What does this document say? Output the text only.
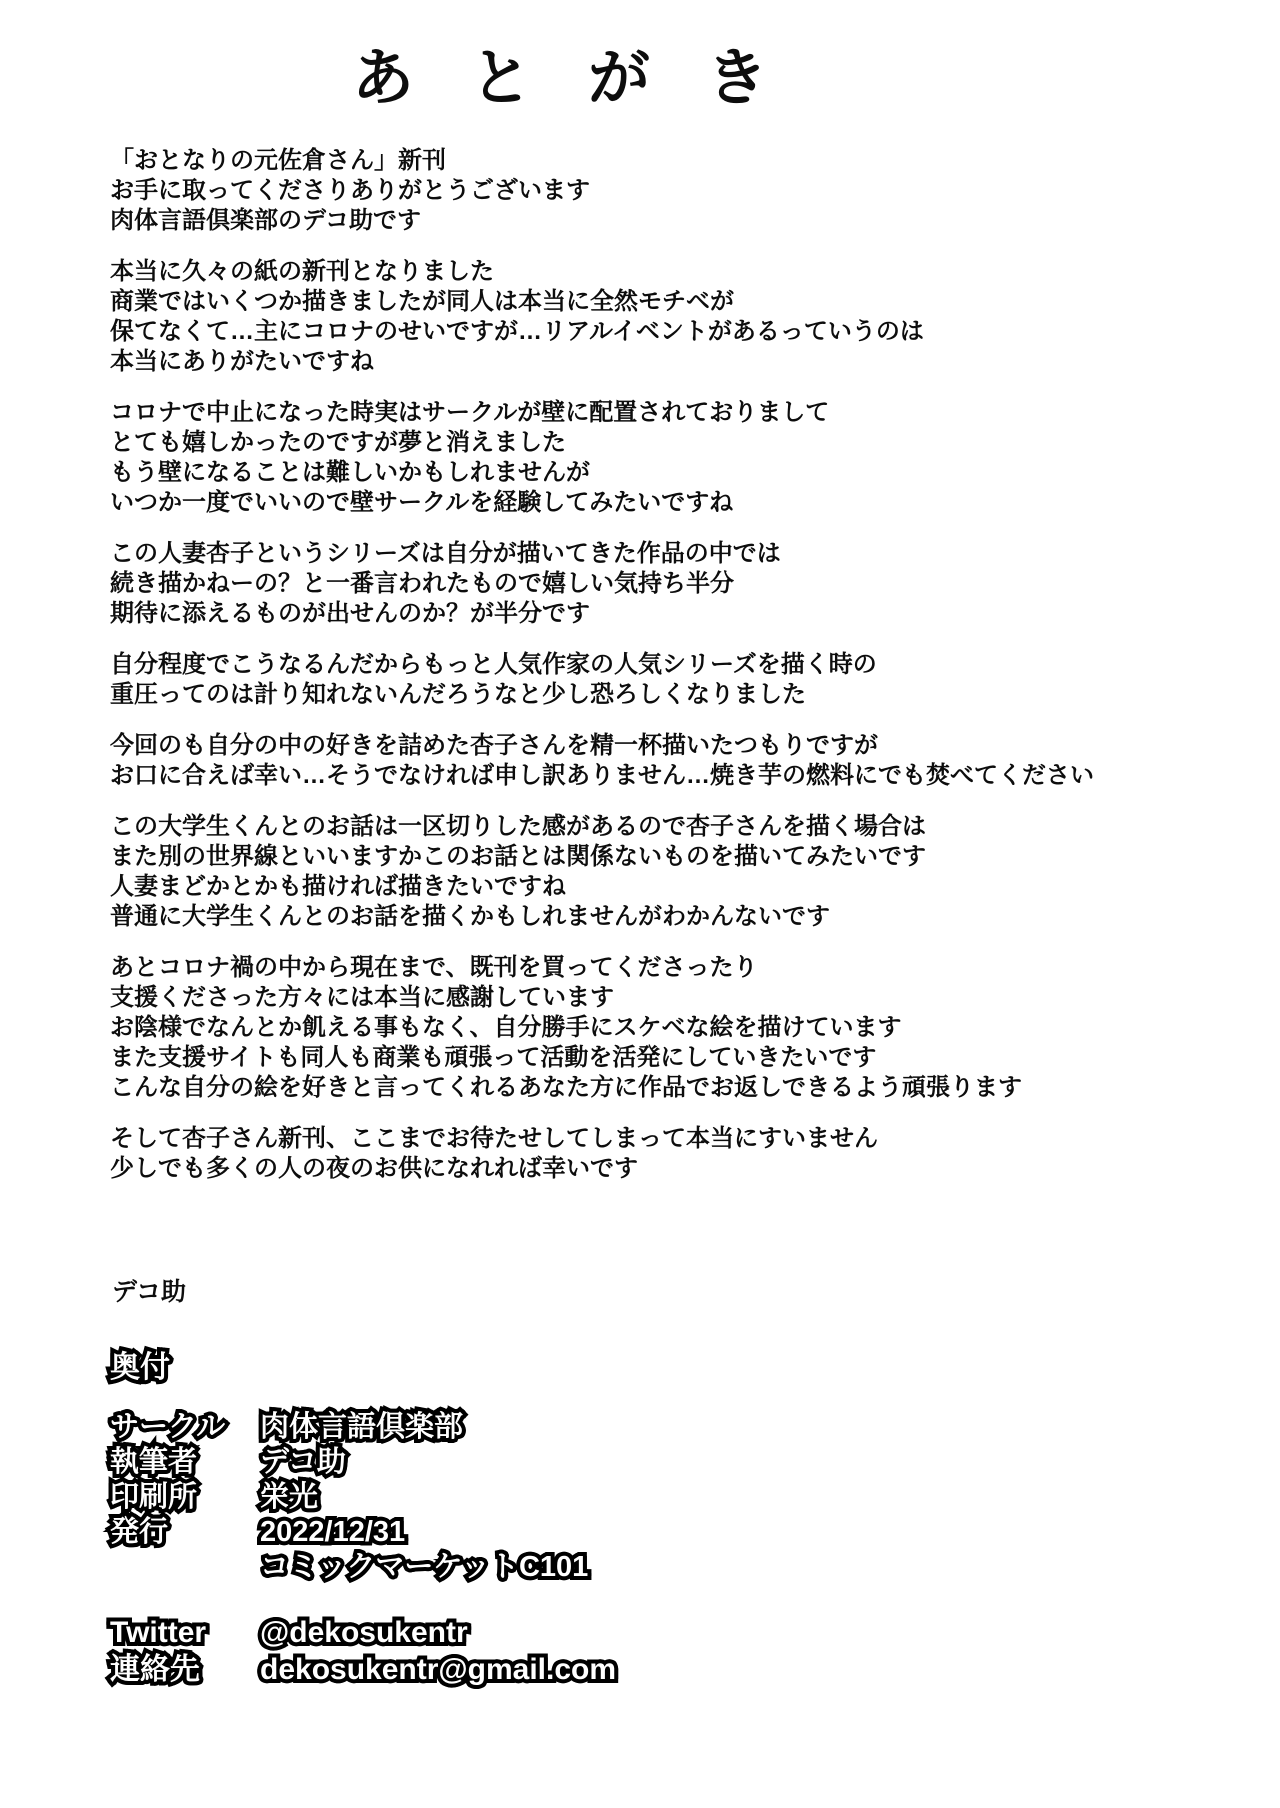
あとがき
「おとなりの元佐倉さん」新刊
お手に取ってくださりありがとうございます
肉体言語倶楽部のデコ助です
本当に久々の紙の新刊となりました
商業ではいくつか描きましたが同人は本当に全然モチベが
保てなくて…主にコロナのせいですが…リアルイベントがあるっていうのは
本当にありがたいですね
コロナで中止になった時実はサークルが壁に配置されておりまして
とても嬉しかったのですが夢と消えました
もう壁になることは難しいかもしれませんが
いつか一度でいいので壁サークルを経験してみたいですね
この人妻杏子というシリーズは自分が描いてきた作品の中では
続き描かねーの？と一番言われたもので嬉しい気持ち半分
期待に添えるものが出せんのか？が半分です
自分程度でこうなるんだからもっと人気作家の人気シリーズを描く時の
重圧ってのは計り知れないんだろうなと少し恐ろしくなりました
今回のも自分の中の好きを詰めた杏子さんを精一杯描いたつもりですが
お口に合えば幸い…そうでなければ申し訳ありません…焼き芋の燃料にでも焚べてください
この大学生くんとのお話は一区切りした感があるので杏子さんを描く場合は
また別の世界線といいますかこのお話とは関係ないものを描いてみたいです
人妻まどかとかも描ければ描きたいですね
普通に大学生くんとのお話を描くかもしれませんがわかんないです
あとコロナ禍の中から現在まで、既刊を買ってくださったり
支援くださった方々には本当に感謝しています
お陰様でなんとか飢える事もなく、自分勝手にスケベな絵を描けています
また支援サイトも同人も商業も頑張って活動を活発にしていきたいです
こんな自分の絵を好きと言ってくれるあなた方に作品でお返しできるよう頑張ります
そして杏子さん新刊、ここまでお待たせしてしまって本当にすいません
少しでも多くの人の夜のお供になれれば幸いです
デコ助
奥付 奥付
サークル サークル	肉体言語倶楽部 肉体言語倶楽部
執筆者 執筆者	デコ助 デコ助
印刷所 印刷所	栄光 栄光
発行 発行	2022/12/31 2022/12/31
コミックマーケットC101 コミックマーケットC101
Twitter Twitter	@dekosukentr @dekosukentr
連絡先 連絡先	dekosukentr@gmail.com dekosukentr@gmail.com
